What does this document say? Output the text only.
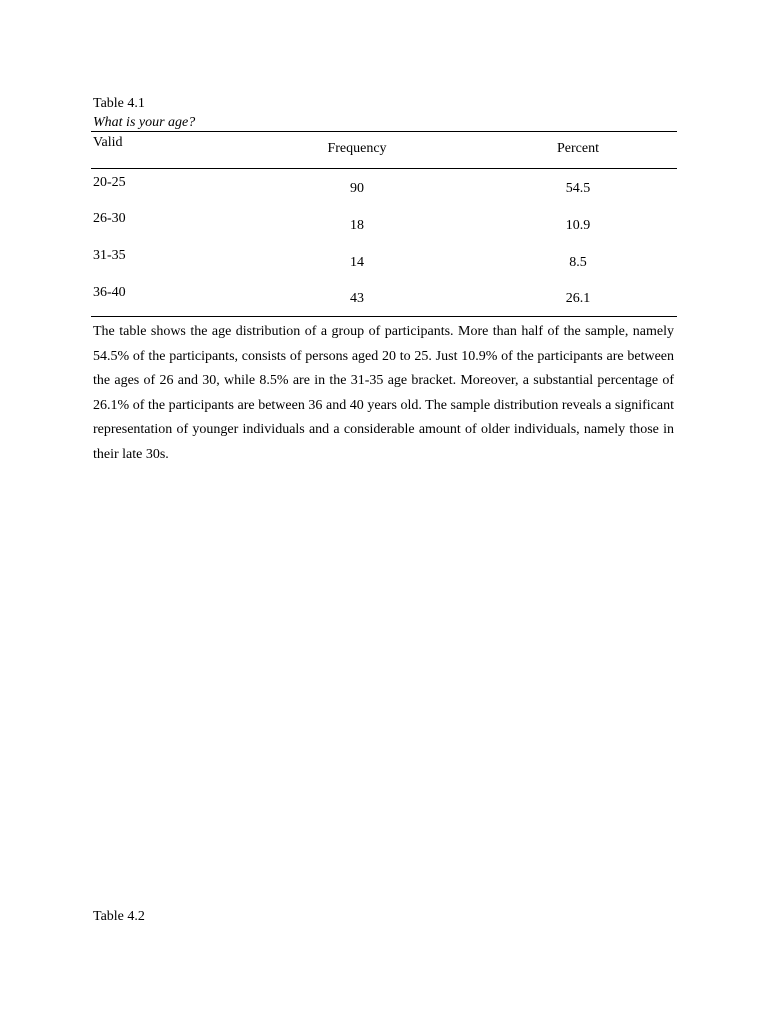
Table 4.1
What is your age?
Valid	Frequency	Percent
20-25	90	54.5
26-30	18	10.9
31-35	14	8.5
36-40	43	26.1
The table shows the age distribution of a group of participants. More than half of the sample, namely 54.5% of the participants, consists of persons aged 20 to 25. Just 10.9% of the participants are between the ages of 26 and 30, while 8.5% are in the 31-35 age bracket. Moreover, a substantial percentage of 26.1% of the participants are between 36 and 40 years old. The sample distribution reveals a significant representation of younger individuals and a considerable amount of older individuals, namely those in their late 30s.
Table 4.2
